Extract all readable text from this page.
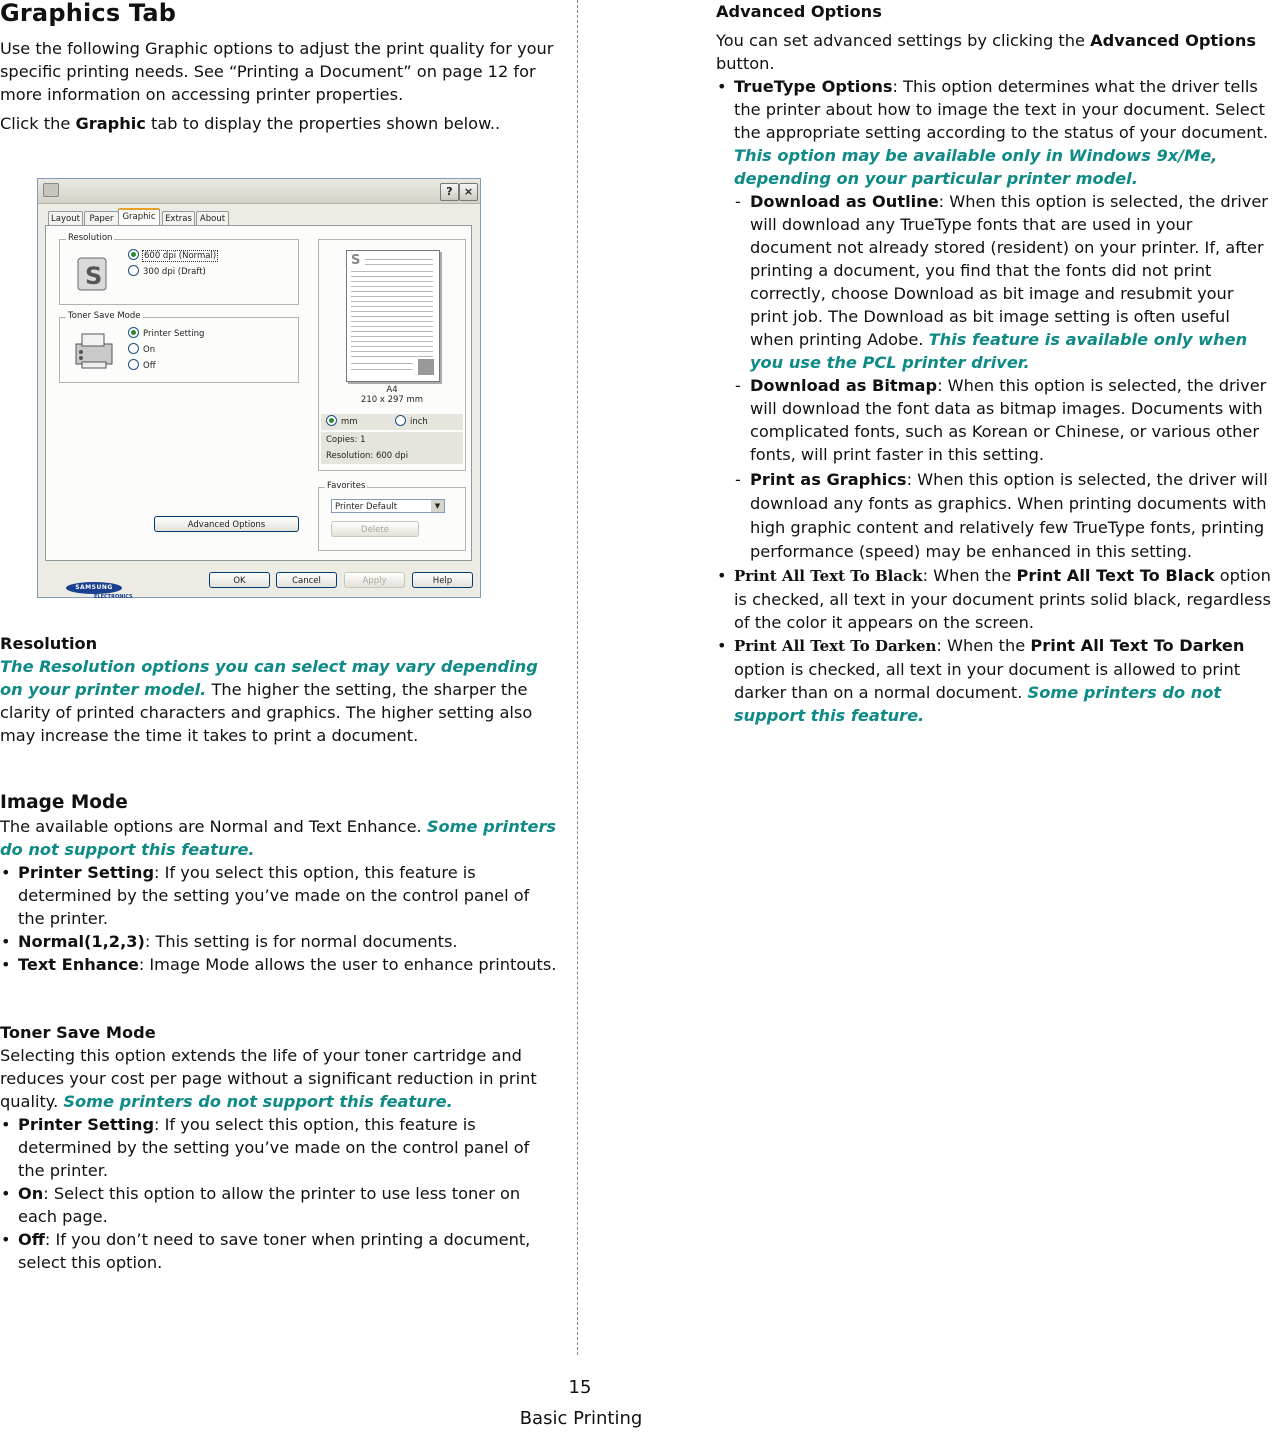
Graphics Tab

Use the following Graphic options to adjust the print quality for your specific printing needs. See “Printing a Document” on page 12 for more information on accessing printer properties.

Click the Graphic tab to display the properties shown below..

?	×
Layout	Paper	Graphic	Extras About
Resolution
S
600 dpi (Normal)
300 dpi (Draft)
Toner Save Mode
Printer Setting
On
Off
S
A4
210 x 297 mm
mm	inch
Copies: 1
Resolution: 600 dpi
Favorites
Printer Default	▼
Delete
Advanced Options
SAMSUNG
ELECTRONICS
OK	Cancel	Apply	Help

Resolution

The Resolution options you can select may vary depending on your printer model. The higher the setting, the sharper the clarity of printed characters and graphics. The higher setting also may increase the time it takes to print a document.

Image Mode

The available options are Normal and Text Enhance. Some printers do not support this feature.

• Printer Setting: If you select this option, this feature is determined by the setting you’ve made on the control panel of the printer.
• Normal(1,2,3): This setting is for normal documents.
• Text Enhance: Image Mode allows the user to enhance printouts.

Toner Save Mode

Selecting this option extends the life of your toner cartridge and reduces your cost per page without a significant reduction in print quality. Some printers do not support this feature.

• Printer Setting: If you select this option, this feature is determined by the setting you’ve made on the control panel of the printer.
• On: Select this option to allow the printer to use less toner on each page.
• Off: If you don’t need to save toner when printing a document, select this option.

Advanced Options

You can set advanced settings by clicking the Advanced Options button.

• TrueType Options: This option determines what the driver tells the printer about how to image the text in your document. Select the appropriate setting according to the status of your document. This option may be available only in Windows 9x/Me, depending on your particular printer model.
- Download as Outline: When this option is selected, the driver will download any TrueType fonts that are used in your document not already stored (resident) on your printer. If, after printing a document, you find that the fonts did not print correctly, choose Download as bit image and resubmit your print job. The Download as bit image setting is often useful when printing Adobe. This feature is available only when you use the PCL printer driver.
- Download as Bitmap: When this option is selected, the driver will download the font data as bitmap images. Documents with complicated fonts, such as Korean or Chinese, or various other fonts, will print faster in this setting.
- Print as Graphics: When this option is selected, the driver will download any fonts as graphics. When printing documents with high graphic content and relatively few TrueType fonts, printing performance (speed) may be enhanced in this setting.
• Print All Text To Black: When the Print All Text To Black option is checked, all text in your document prints solid black, regardless of the color it appears on the screen.
• Print All Text To Darken: When the Print All Text To Darken option is checked, all text in your document is allowed to print darker than on a normal document. Some printers do not support this feature.
15
Basic Printing
